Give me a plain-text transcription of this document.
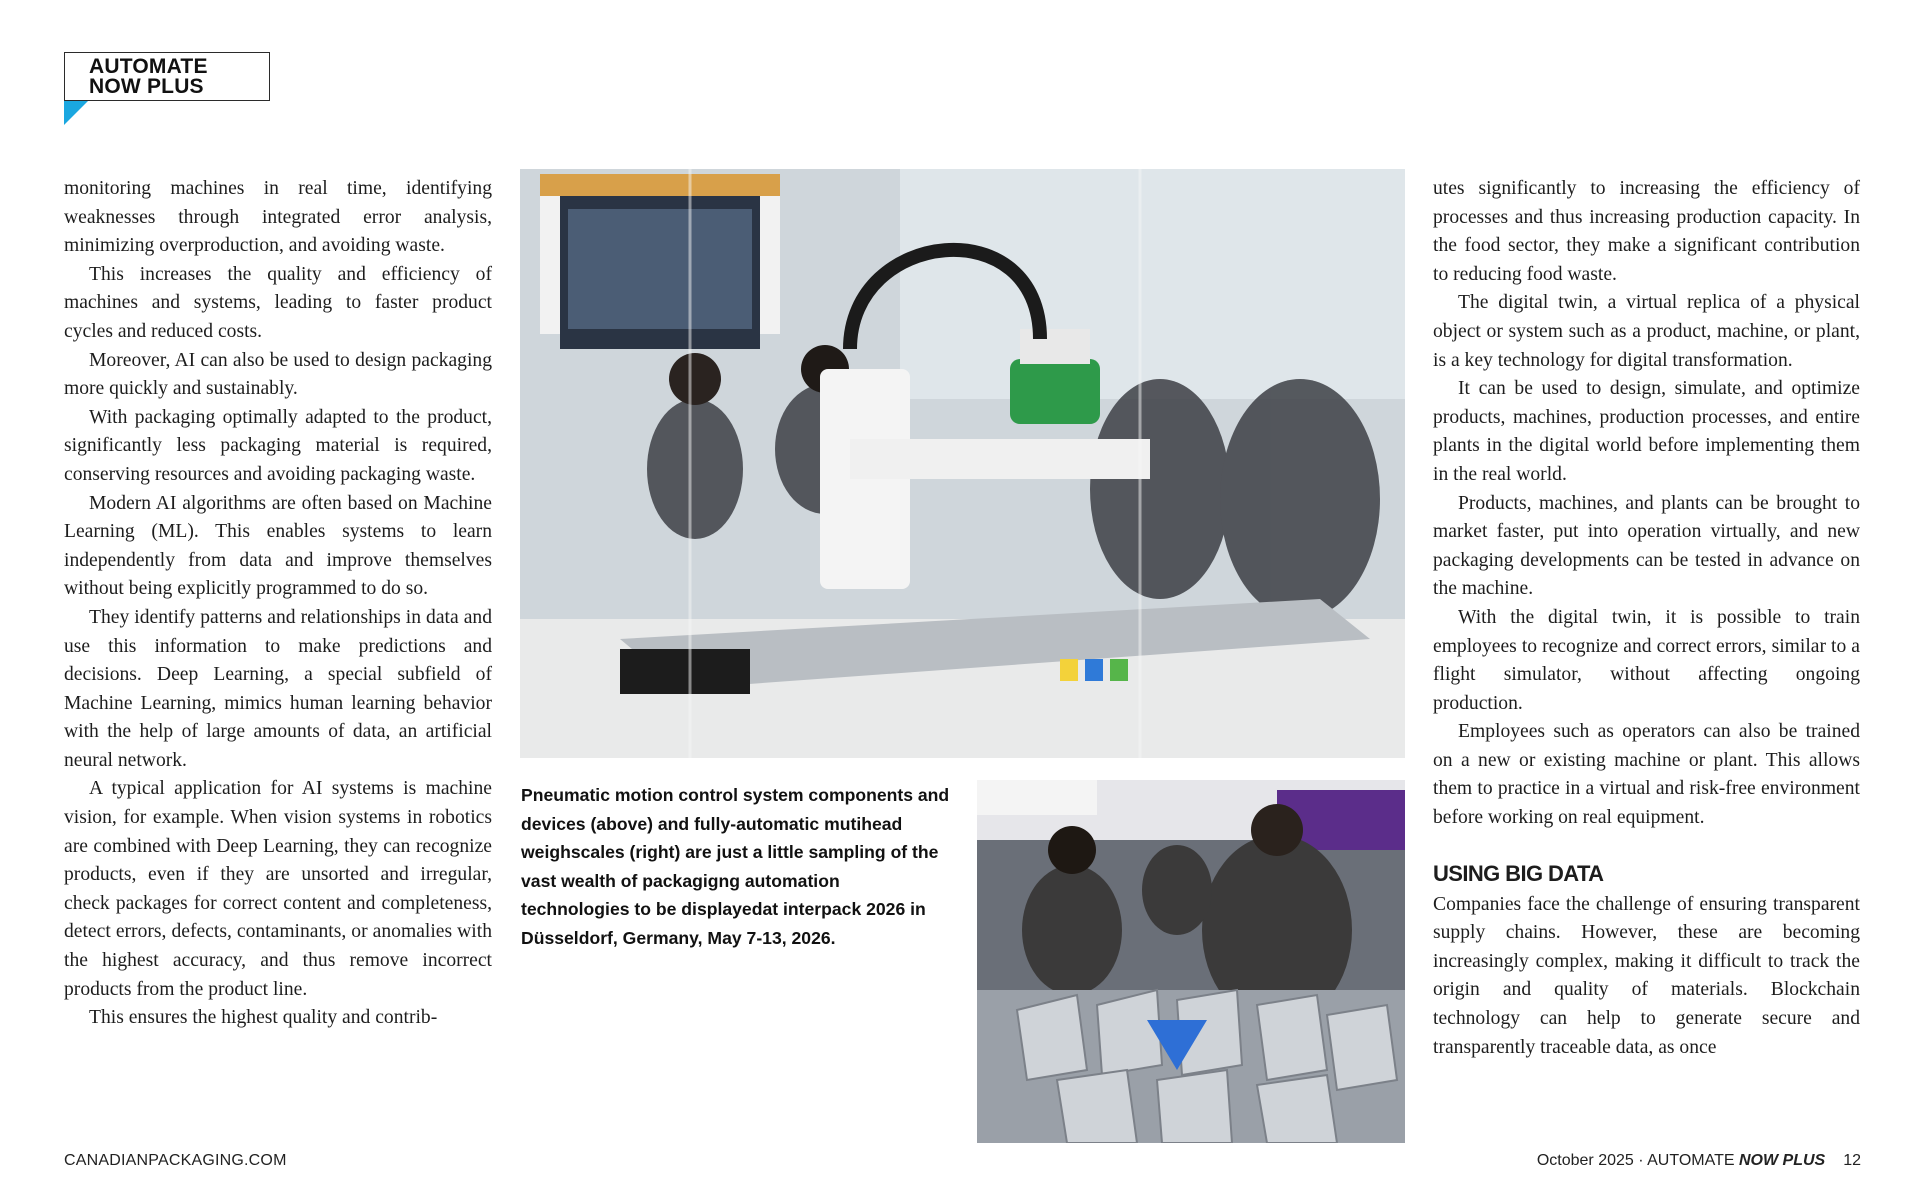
AUTOMATE
NOW PLUS

monitoring machines in real time, identifying weaknesses through integrated error analysis, minimizing overproduction, and avoiding waste.

This increases the quality and efficiency of machines and systems, leading to faster product cycles and reduced costs.

Moreover, AI can also be used to design packaging more quickly and sustainably.

With packaging optimally adapted to the product, significantly less packaging material is required, conserving resources and avoiding packaging waste.

Modern AI algorithms are often based on Machine Learning (ML). This enables systems to learn independently from data and improve themselves without being explicitly programmed to do so.

They identify patterns and relationships in data and use this information to make predictions and decisions. Deep Learning, a special subfield of Machine Learning, mimics human learning behavior with the help of large amounts of data, an artificial neural network.

A typical application for AI systems is machine vision, for example. When vision systems in robotics are combined with Deep Learning, they can recognize products, even if they are unsorted and irregular, check packages for correct content and completeness, detect errors, defects, contaminants, or anomalies with the highest accuracy, and thus remove incorrect products from the product line.

This ensures the highest quality and contrib-

Pneumatic motion control system components and devices (above) and fully-automatic mutihead weighscales (right) are just a little sampling of the vast wealth of packagigng automation technologies to be displayedat interpack 2026 in Düsseldorf, Germany, May 7-13, 2026.

utes significantly to increasing the efficiency of processes and thus increasing production capacity. In the food sector, they make a significant contribution to reducing food waste.

The digital twin, a virtual replica of a physical object or system such as a product, machine, or plant, is a key technology for digital transformation.

It can be used to design, simulate, and optimize products, machines, production processes, and entire plants in the digital world before implementing them in the real world.

Products, machines, and plants can be brought to market faster, put into operation virtually, and new packaging developments can be tested in advance on the machine.

With the digital twin, it is possible to train employees to recognize and correct errors, similar to a flight simulator, without affecting ongoing production.

Employees such as operators can also be trained on a new or existing machine or plant. This allows them to practice in a virtual and risk-free environment before working on real equipment.

USING BIG DATA

Companies face the challenge of ensuring transparent supply chains. However, these are becoming increasingly complex, making it difficult to track the origin and quality of materials. Blockchain technology can help to generate secure and transparently traceable data, as once

CANADIANPACKAGING.COM	October 2025 · AUTOMATE NOW PLUS 12
